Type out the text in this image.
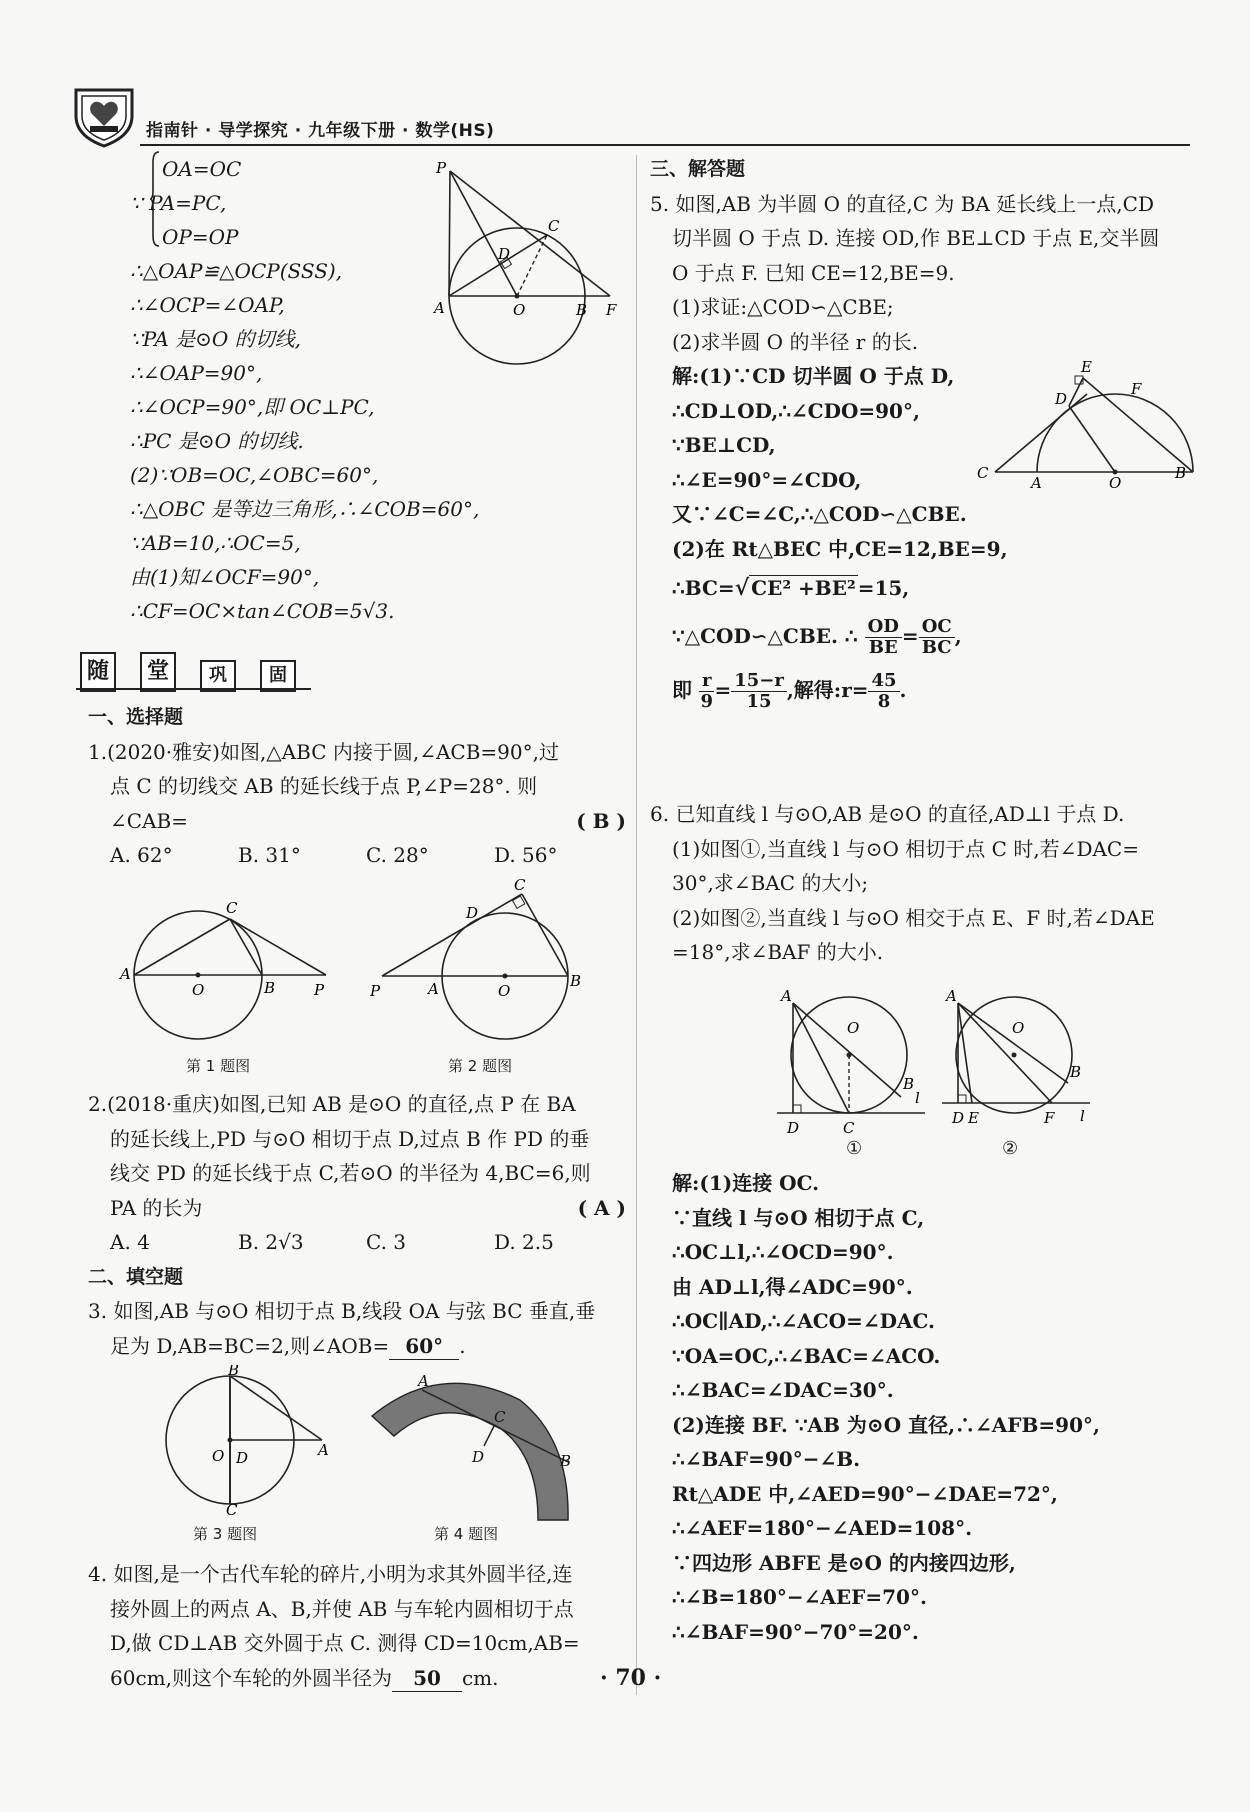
指南针 · 导学探究 · 九年级下册 · 数学(HS)
OA=OC
∵ PA=PC,
OP=OP
∴△OAP≌△OCP(SSS),
∴∠OCP=∠OAP,
∵PA 是⊙O 的切线,
∴∠OAP=90°,
∴∠OCP=90°,即 OC⊥PC,
∴PC 是⊙O 的切线.
(2)∵OB=OC,∠OBC=60°,
∴△OBC 是等边三角形,∴∠COB=60°,
∵AB=10,∴OC=5,
由(1)知∠OCF=90°,
∴CF=OC×tan∠COB=5√3.
P
C
D
A	O	B F
随	堂	巩	固
一、选择题
1.(2020·雅安)如图,△ABC 内接于圆,∠ACB=90°,过
点 C 的切线交 AB 的延长线于点 P,∠P=28°. 则
∠CAB=	( B )
A. 62°	B. 31°	C. 28°	D. 56°
A
C
O	B	P
第 1 题图
P	A
D
C
O
B
第 2 题图
2.(2018·重庆)如图,已知 AB 是⊙O 的直径,点 P 在 BA
的延长线上,PD 与⊙O 相切于点 D,过点 B 作 PD 的垂
线交 PD 的延长线于点 C,若⊙O 的半径为 4,BC=6,则
PA 的长为	( A )
A. 4	B. 2√3	C. 3	D. 2.5
二、填空题
3. 如图,AB 与⊙O 相切于点 B,线段 OA 与弦 BC 垂直,垂
足为 D,AB=BC=2,则∠AOB= 60° .
B
D
O	A
C
第 3 题图
A
C
D	B
第 4 题图
4. 如图,是一个古代车轮的碎片,小明为求其外圆半径,连
接外圆上的两点 A、B,并使 AB 与车轮内圆相切于点
D,做 CD⊥AB 交外圆于点 C. 测得 CD=10cm,AB=
60cm,则这个车轮的外圆半径为 50 cm.
三、解答题
5. 如图,AB 为半圆 O 的直径,C 为 BA 延长线上一点,CD
切半圆 O 于点 D. 连接 OD,作 BE⊥CD 于点 E,交半圆
O 于点 F. 已知 CE=12,BE=9.
(1)求证:△COD∽△CBE;
(2)求半圆 O 的半径 r 的长.
解:(1)∵CD 切半圆 O 于点 D,
∴CD⊥OD,∴∠CDO=90°,
∵BE⊥CD,
∴∠E=90°=∠CDO,
又∵∠C=∠C,∴△COD∽△CBE.
(2)在 Rt△BEC 中,CE=12,BE=9,
∴BC=√ CE² +BE² =15,
∵△COD∽△CBE. ∴ $\frac{OD}{BE} = \frac{OC}{BC}$ ,
即 $\frac{r}{9} = \frac{15-r}{15}$ ,解得:r= $\frac{45}{8}$ .
C
A	O
B
D
E
F
6. 已知直线 l 与⊙O,AB 是⊙O 的直径,AD⊥l 于点 D.
(1)如图①,当直线 l 与⊙O 相切于点 C 时,若∠DAC=
30°,求∠BAC 的大小;
(2)如图②,当直线 l 与⊙O 相交于点 E、F 时,若∠DAE
=18°,求∠BAF 的大小.
A
O
B
D	C
l
A
O
B
D E	F l
①	②
解:(1)连接 OC.
∵直线 l 与⊙O 相切于点 C,
∴OC⊥l,∴∠OCD=90°.
由 AD⊥l,得∠ADC=90°.
∴OC∥AD,∴∠ACO=∠DAC.
∵OA=OC,∴∠BAC=∠ACO.
∴∠BAC=∠DAC=30°.
(2)连接 BF. ∵AB 为⊙O 直径,∴∠AFB=90°,
∴∠BAF=90°−∠B.
Rt△ADE 中,∠AED=90°−∠DAE=72°,
∴∠AEF=180°−∠AED=108°.
∵四边形 ABFE 是⊙O 的内接四边形,
∴∠B=180°−∠AEF=70°.
∴∠BAF=90°−70°=20°.
· 70 ·
